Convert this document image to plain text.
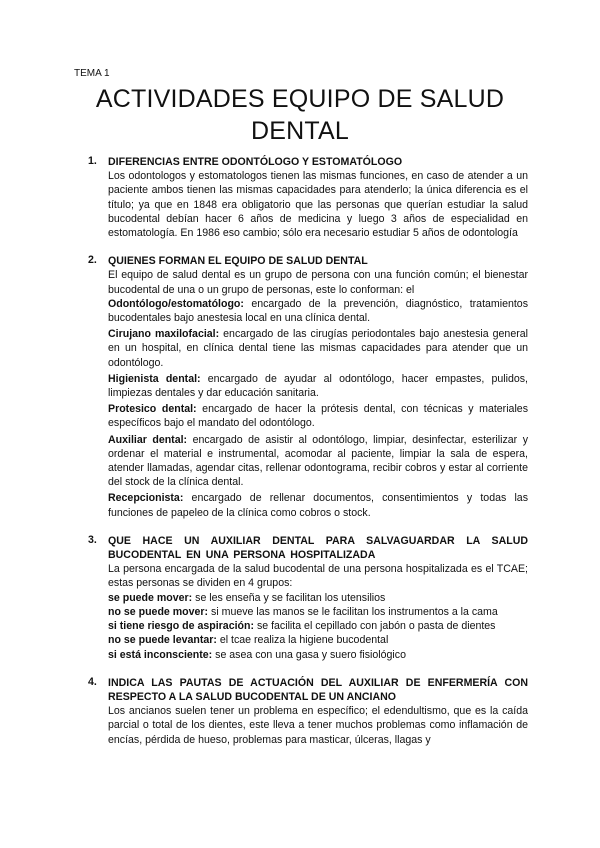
TEMA 1
ACTIVIDADES EQUIPO DE SALUD DENTAL
1. DIFERENCIAS ENTRE ODONTÓLOGO Y ESTOMATÓLOGO

Los odontologos y estomatologos tienen las mismas funciones, en caso de atender a un paciente ambos tienen las mismas capacidades para atenderlo; la única diferencia es el título; ya que en 1848 era obligatorio que las personas que querían estudiar la salud bucodental debían hacer 6 años de medicina y luego 3 años de especialidad en estomatología. En 1986 eso cambio; sólo era necesario estudiar 5 años de odontología

2. QUIENES FORMAN EL EQUIPO DE SALUD DENTAL

El equipo de salud dental es un grupo de persona con una función común; el bienestar bucodental de una o un grupo de personas, este lo conforman: el

Odontólogo/estomatólogo: encargado de la prevención, diagnóstico, tratamientos bucodentales bajo anestesia local en una clínica dental.

Cirujano maxilofacial: encargado de las cirugías periodontales bajo anestesia general en un hospital, en clínica dental tiene las mismas capacidades para atender que un odontólogo.

Higienista dental: encargado de ayudar al odontólogo, hacer empastes, pulidos, limpiezas dentales y dar educación sanitaria.

Protesico dental: encargado de hacer la prótesis dental, con técnicas y materiales específicos bajo el mandato del odontólogo.

Auxiliar dental: encargado de asistir al odontólogo, limpiar, desinfectar, esterilizar y ordenar el material e instrumental, acomodar al paciente, limpiar la sala de espera, atender llamadas, agendar citas, rellenar odontograma, recibir cobros y estar al corriente del stock de la clínica dental.

Recepcionista: encargado de rellenar documentos, consentimientos y todas las funciones de papeleo de la clínica como cobros o stock.

3. QUE HACE UN AUXILIAR DENTAL PARA SALVAGUARDAR LA SALUD BUCODENTAL EN UNA PERSONA HOSPITALIZADA

La persona encargada de la salud bucodental de una persona hospitalizada es el TCAE; estas personas se dividen en 4 grupos:

se puede mover: se les enseña y se facilitan los utensilios

no se puede mover: si mueve las manos se le facilitan los instrumentos a la cama

si tiene riesgo de aspiración: se facilita el cepillado con jabón o pasta de dientes

no se puede levantar: el tcae realiza la higiene bucodental

si está inconsciente: se asea con una gasa y suero fisiológico

4. INDICA LAS PAUTAS DE ACTUACIÓN DEL AUXILIAR DE ENFERMERÍA CON RESPECTO A LA SALUD BUCODENTAL DE UN ANCIANO

Los ancianos suelen tener un problema en específico; el edendultismo, que es la caída parcial o total de los dientes, este lleva a tener muchos problemas como inflamación de encías, pérdida de hueso, problemas para masticar, úlceras, llagas y
